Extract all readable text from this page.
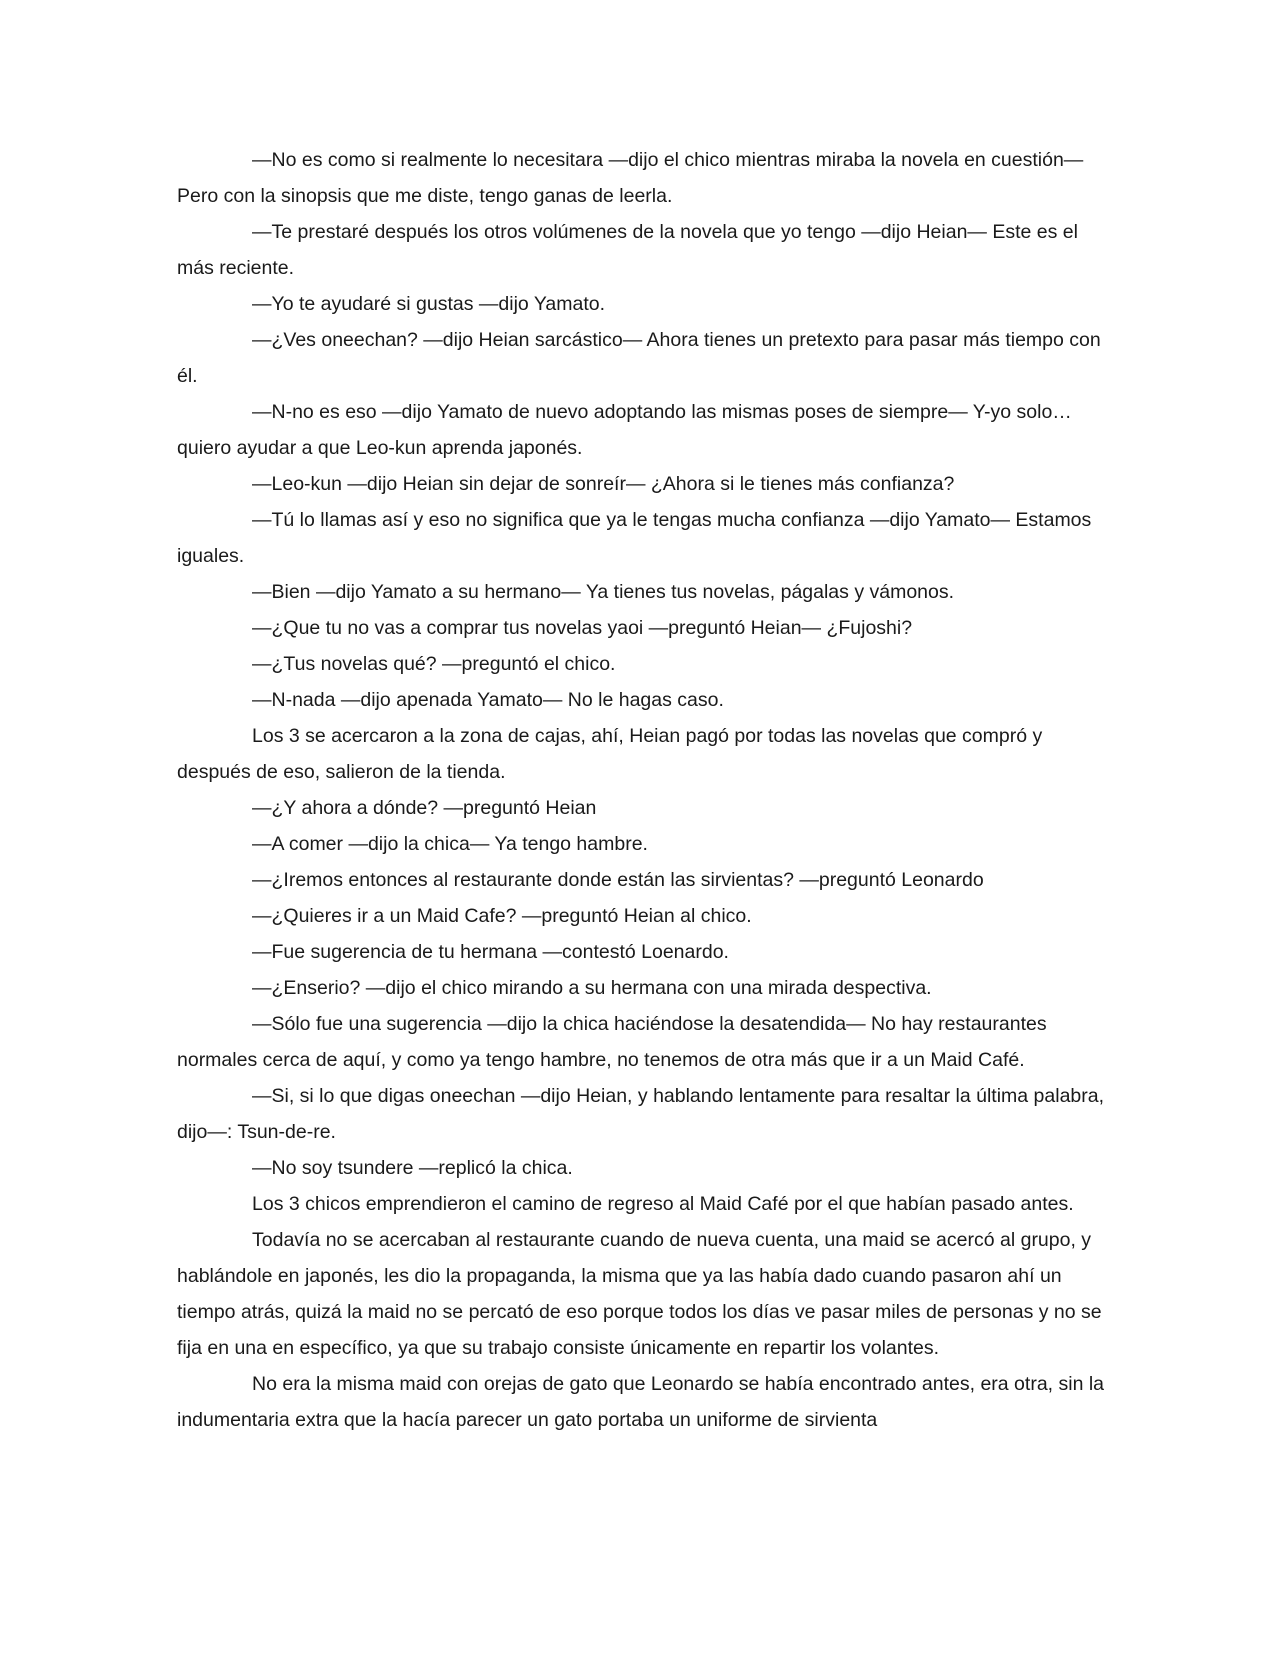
—No es como si realmente lo necesitara —dijo el chico mientras miraba la novela en cuestión— Pero con la sinopsis que me diste, tengo ganas de leerla.

—Te prestaré después los otros volúmenes de la novela que yo tengo —dijo Heian— Este es el más reciente.

—Yo te ayudaré si gustas —dijo Yamato.

—¿Ves oneechan? —dijo Heian sarcástico— Ahora tienes un pretexto para pasar más tiempo con él.

—N-no es eso —dijo Yamato de nuevo adoptando las mismas poses de siempre— Y-yo solo… quiero ayudar a que Leo-kun aprenda japonés.

—Leo-kun —dijo Heian sin dejar de sonreír— ¿Ahora si le tienes más confianza?

—Tú lo llamas así y eso no significa que ya le tengas mucha confianza —dijo Yamato— Estamos iguales.

—Bien —dijo Yamato a su hermano— Ya tienes tus novelas, págalas y vámonos.

—¿Que tu no vas a comprar tus novelas yaoi —preguntó Heian— ¿Fujoshi?

—¿Tus novelas qué? —preguntó el chico.

—N-nada —dijo apenada Yamato— No le hagas caso.

Los 3 se acercaron a la zona de cajas, ahí, Heian pagó por todas las novelas que compró y después de eso, salieron de la tienda.

—¿Y ahora a dónde? —preguntó Heian

—A comer —dijo la chica— Ya tengo hambre.

—¿Iremos entonces al restaurante donde están las sirvientas? —preguntó Leonardo

—¿Quieres ir a un Maid Cafe? —preguntó Heian al chico.

—Fue sugerencia de tu hermana —contestó Loenardo.

—¿Enserio? —dijo el chico mirando a su hermana con una mirada despectiva.

—Sólo fue una sugerencia —dijo la chica haciéndose la desatendida— No hay restaurantes normales cerca de aquí, y como ya tengo hambre, no tenemos de otra más que ir a un Maid Café.

—Si, si lo que digas oneechan —dijo Heian, y hablando lentamente para resaltar la última palabra, dijo—: Tsun-de-re.

—No soy tsundere —replicó la chica.

Los 3 chicos emprendieron el camino de regreso al Maid Café por el que habían pasado antes.

Todavía no se acercaban al restaurante cuando de nueva cuenta, una maid se acercó al grupo, y hablándole en japonés, les dio la propaganda, la misma que ya las había dado cuando pasaron ahí un tiempo atrás, quizá la maid no se percató de eso porque todos los días ve pasar miles de personas y no se fija en una en específico, ya que su trabajo consiste únicamente en repartir los volantes.

No era la misma maid con orejas de gato que Leonardo se había encontrado antes, era otra, sin la indumentaria extra que la hacía parecer un gato portaba un uniforme de sirvienta
